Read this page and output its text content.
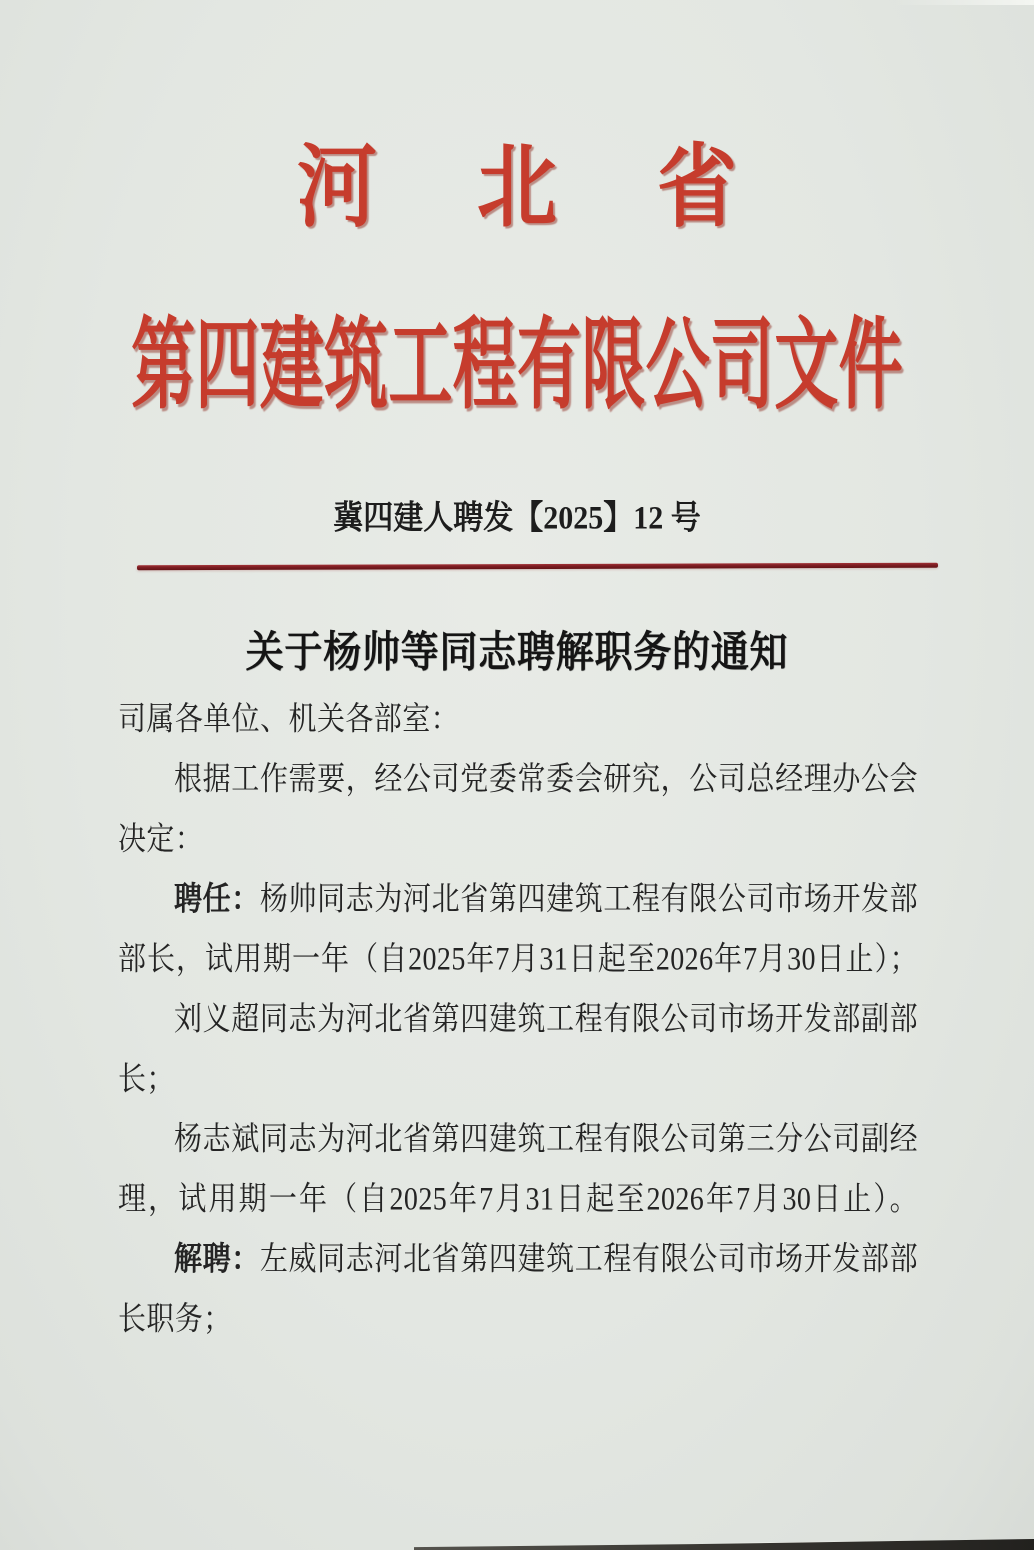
河北省
第四建筑工程有限公司文件
冀四建人聘发【2025】12 号
关于杨帅等同志聘解职务的通知
司属各单位、机关各部室：
根据工作需要，经公司党委常委会研究，公司总经理办公会
决定：
聘任：杨帅同志为河北省第四建筑工程有限公司市场开发部
部长，试用期一年（自2025年7月31日起至2026年7月30日止）；
刘义超同志为河北省第四建筑工程有限公司市场开发部副部
长；
杨志斌同志为河北省第四建筑工程有限公司第三分公司副经
理，试用期一年（自2025年7月31日起至2026年7月30日止）。
解聘：左威同志河北省第四建筑工程有限公司市场开发部部
长职务；
